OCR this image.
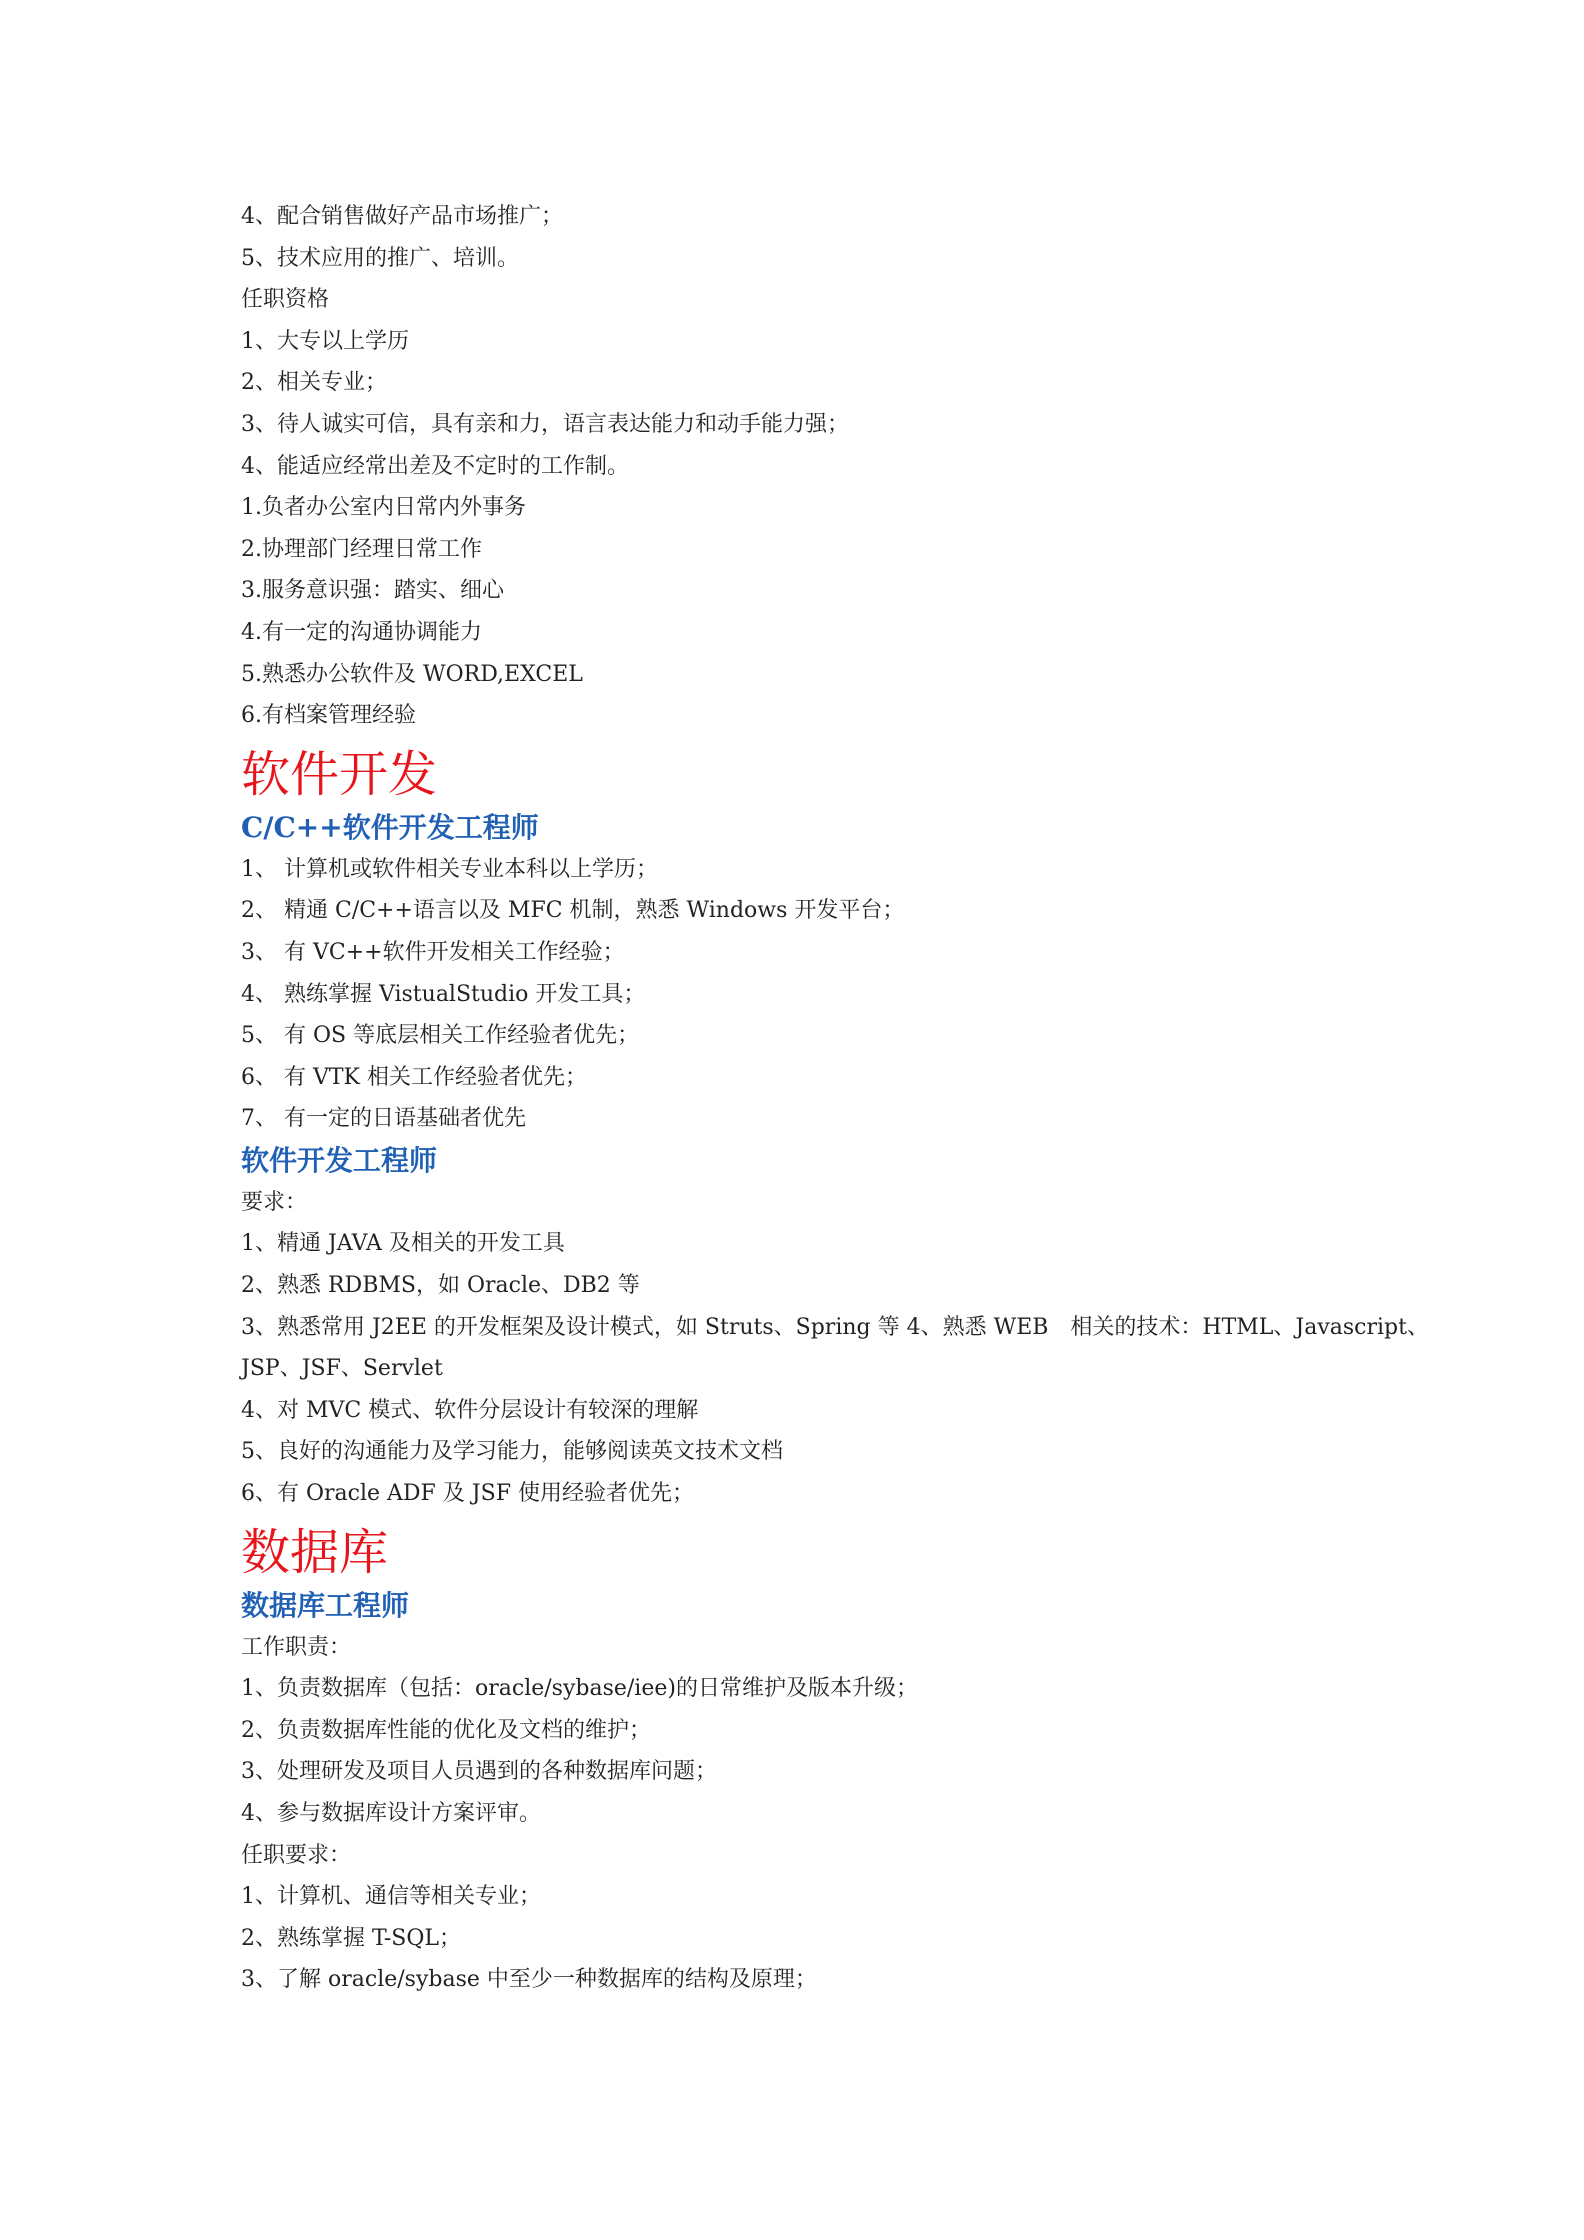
4、配合销售做好产品市场推广；

5、技术应用的推广、培训。

任职资格

1、大专以上学历

2、相关专业；

3、待人诚实可信，具有亲和力，语言表达能力和动手能力强；

4、能适应经常出差及不定时的工作制。

1.负者办公室内日常内外事务

2.协理部门经理日常工作

3.服务意识强：踏实、细心

4.有一定的沟通协调能力

5.熟悉办公软件及 WORD,EXCEL

6.有档案管理经验

软件开发
C/C++软件开发工程师

1、 计算机或软件相关专业本科以上学历；

2、 精通 C/C++语言以及 MFC 机制，熟悉 Windows 开发平台；

3、 有 VC++软件开发相关工作经验；

4、 熟练掌握 VistualStudio 开发工具；

5、 有 OS 等底层相关工作经验者优先；

6、 有 VTK 相关工作经验者优先；

7、 有一定的日语基础者优先

软件开发工程师

要求：

1、精通 JAVA 及相关的开发工具

2、熟悉 RDBMS，如 Oracle、DB2 等

3、熟悉常用 J2EE 的开发框架及设计模式，如 Struts、Spring 等 4、熟悉 WEB　相关的技术：HTML、Javascript、

JSP、JSF、Servlet

4、对 MVC 模式、软件分层设计有较深的理解

5、良好的沟通能力及学习能力，能够阅读英文技术文档

6、有 Oracle ADF 及 JSF 使用经验者优先；

数据库
数据库工程师

工作职责：

1、负责数据库（包括：oracle/sybase/iee)的日常维护及版本升级；

2、负责数据库性能的优化及文档的维护；

3、处理研发及项目人员遇到的各种数据库问题；

4、参与数据库设计方案评审。

任职要求：

1、计算机、通信等相关专业；

2、熟练掌握 T-SQL；

3、了解 oracle/sybase 中至少一种数据库的结构及原理；
